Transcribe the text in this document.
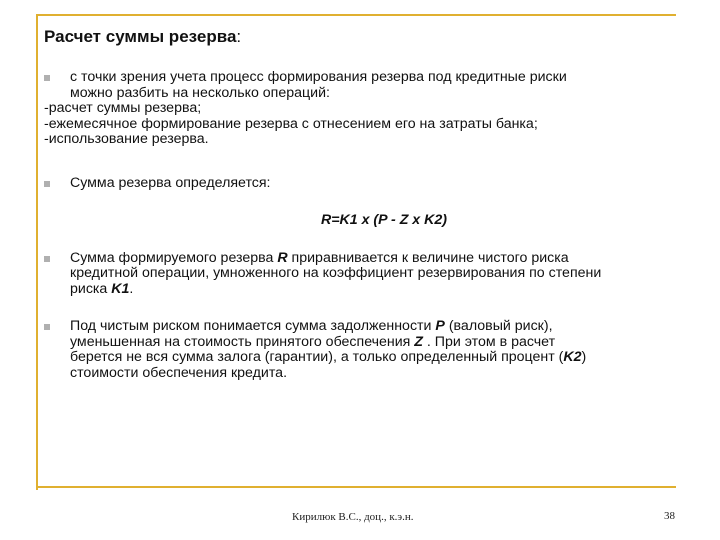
Расчет суммы резерва:
с точки зрения учета процесс формирования резерва под кредитные риски
можно разбить на несколько операций:
-расчет суммы резерва;
-ежемесячное формирование резерва с отнесением его на затраты банка;
-использование резерва.
Сумма резерва определяется:
R=K1 x (P - Z x K2)
Сумма формируемого резерва R приравнивается к величине чистого риска
кредитной операции, умноженного на коэффициент резервирования по степени
риска K1.
Под чистым риском понимается сумма задолженности P (валовый риск),
уменьшенная на стоимость принятого обеспечения Z . При этом в расчет
берется не вся сумма залога (гарантии), а только определенный процент (K2)
стоимости обеспечения кредита.
Кирилюк В.С., доц., к.э.н.	38
